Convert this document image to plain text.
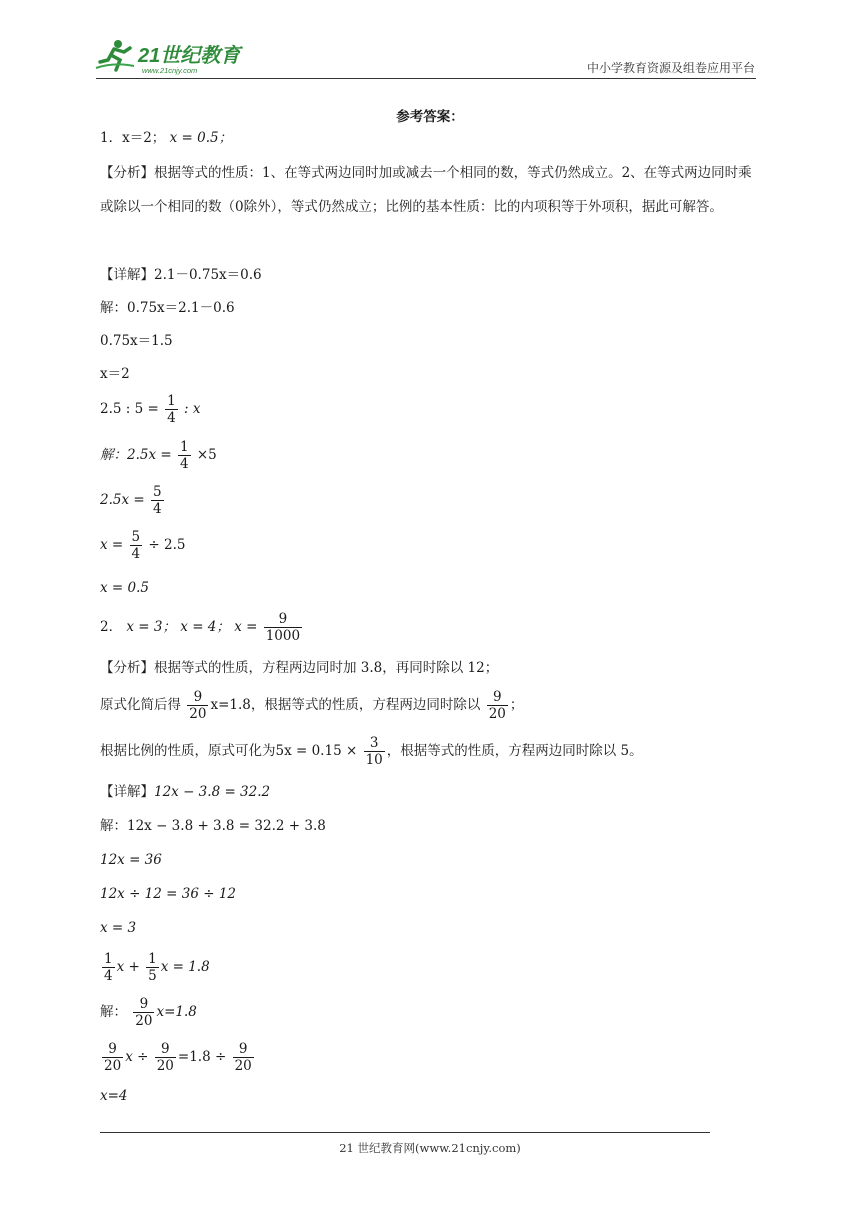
21世纪教育
www.21cnjy.com	中小学教育资源及组卷应用平台
参考答案：
1．x＝2； x = 0.5；
【分析】根据等式的性质：1、在等式两边同时加或减去一个相同的数，等式仍然成立。2、在等式两边同时乘或除以一个相同的数（0除外），等式仍然成立；比例的基本性质：比的内项积等于外项积，据此可解答。
【详解】2.1－0.75x＝0.6
解：0.75x＝2.1－0.6
0.75x＝1.5
x＝2
2.5 : $5 = \frac{1}{4}$ : x
解：$2.5x = \frac{1}{4} \times 5$
$2.5x = \frac{5}{4}$
$x = \frac{5}{4} \div 2.5$
x = 0.5
2． x = 3； x = 4； $x = \frac{9}{1000}$
【分析】根据等式的性质，方程两边同时加 3.8，再同时除以 12；
原式化简后得 $\frac{9}{20} x=1.8$，根据等式的性质，方程两边同时除以 $\frac{9}{20}$ ；
根据比例的性质，原式可化为$5x = 0.15 \times \frac{3}{10}$ ，根据等式的性质，方程两边同时除以 5。
【详解】12x − 3.8 = 32.2
解：12x − 3.8 + 3.8 = 32.2 + 3.8
12x = 36
12x ÷ 12 = 36 ÷ 12
x = 3
$\frac{1}{4}$ $x + \frac{1}{5}$ x = 1.8
解： $\frac{9}{20} x=1.8$
$\frac{9}{20}$ $x \div \frac{9}{20} =1.8 \div \frac{9}{20}$
x=4
21 世纪教育网(www.21cnjy.com)
